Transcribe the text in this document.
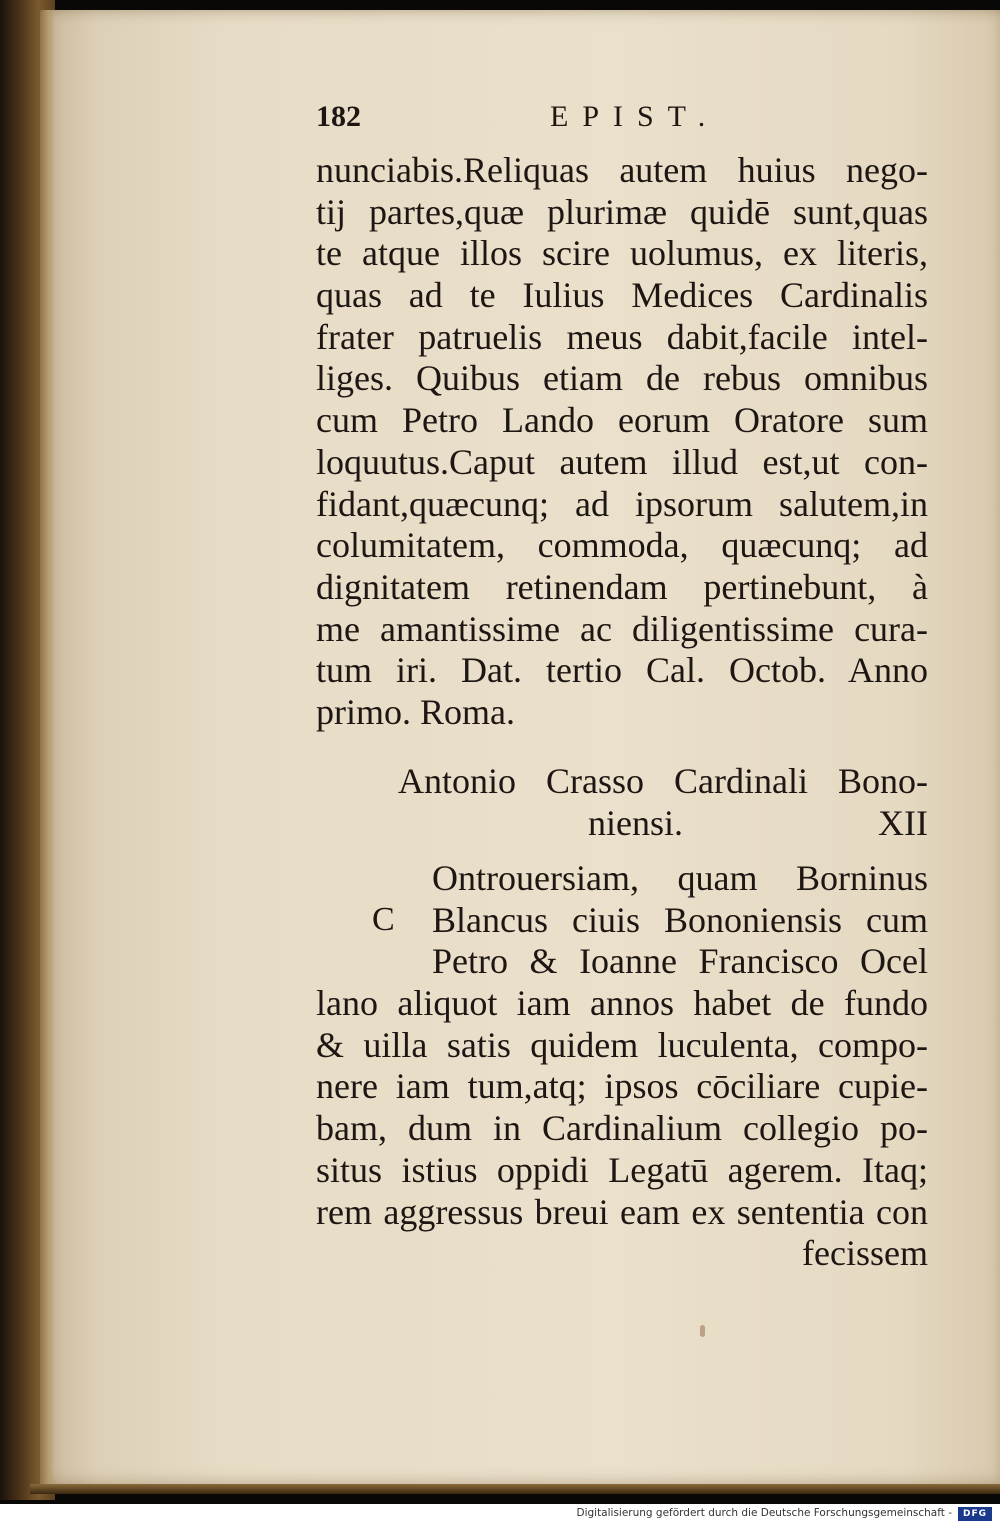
182	EPIST.
nunciabis.Reliquas autem huius nego-
tij partes,quæ plurimæ quidē sunt,quas
te atque illos scire uolumus, ex literis,
quas ad te Iulius Medices Cardinalis
frater patruelis meus dabit,facile intel-
liges. Quibus etiam de rebus omnibus
cum Petro Lando eorum Oratore sum
loquutus.Caput autem illud est,ut con-
fidant,quæcunq; ad ipsorum salutem,in
columitatem, commoda, quæcunq; ad
dignitatem retinendam pertinebunt, à
me amantissime ac diligentissime cura-
tum iri. Dat. tertio Cal. Octob. Anno
primo. Roma.
Antonio Crasso Cardinali Bono-
niensi.	XII
C
Ontrouersiam, quam Borninus
Blancus ciuis Bononiensis cum
Petro & Ioanne Francisco Ocel
lano aliquot iam annos habet de fundo
& uilla satis quidem luculenta, compo-
nere iam tum,atq; ipsos cōciliare cupie-
bam, dum in Cardinalium collegio po-
situs istius oppidi Legatū agerem. Itaq;
rem aggressus breui eam ex sententia con
fecissem
Digitalisierung gefördert durch die Deutsche Forschungsgemeinschaft -	DFG
